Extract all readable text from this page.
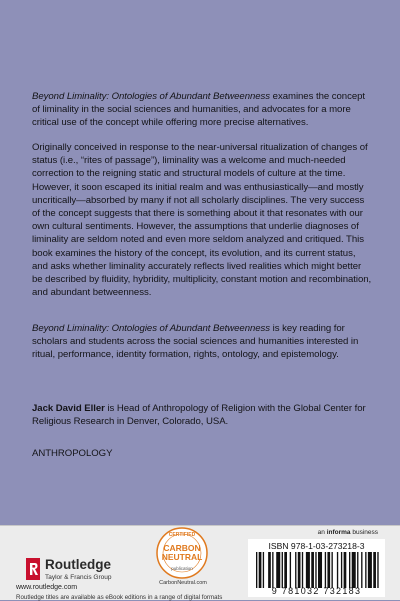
Beyond Liminality: Ontologies of Abundant Betweenness examines the concept of liminality in the social sciences and humanities, and advocates for a more critical use of the concept while offering more precise alternatives.

Originally conceived in response to the near-universal ritualization of changes of status (i.e., “rites of passage”), liminality was a welcome and much-needed correction to the reigning static and structural models of culture at the time. However, it soon escaped its initial realm and was enthusiastically—and mostly uncritically—absorbed by many if not all scholarly disciplines. The very success of the concept suggests that there is something about it that resonates with our own cultural sentiments. However, the assumptions that underlie diagnoses of liminality are seldom noted and even more seldom analyzed and critiqued. This book examines the history of the concept, its evolution, and its current status, and asks whether liminality accurately reflects lived realities which might better be described by fluidity, hybridity, multiplicity, constant motion and recombination, and abundant betweenness.

Beyond Liminality: Ontologies of Abundant Betweenness is key reading for scholars and students across the social sciences and humanities interested in ritual, performance, identity formation, rights, ontology, and epistemology.

Jack David Eller is Head of Anthropology of Religion with the Global Center for Religious Research in Denver, Colorado, USA.

ANTHROPOLOGY
Routledge
Taylor & Francis Group
www.routledge.com
CERTIFIED
CARBON
NEUTRAL
publication
CarbonNeutral.com
an informa business
ISBN 978-1-03-273218-3
9 781032 732183
Routledge titles are available as eBook editions in a range of digital formats
